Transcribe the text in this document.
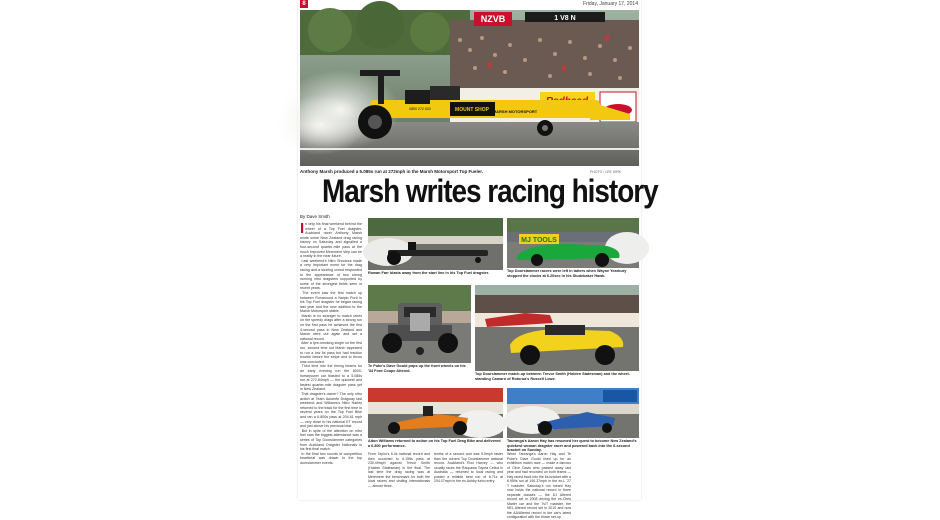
8	Friday, January 17, 2014
NZVB	1 V8 N
MOUNT SHOP
0800 272 633	MARSH MOTORSPORT
Anthony Marsh produced a 5.085s run at 272mph in the Marsh Motorsport Top Fueler.	PHOTO / LEE KIRK
Marsh writes racing history
By Dave Smith
I n only his final weekend behind the wheel of a Top Fuel dragster, Auckland racer Anthony Marsh wrote some New Zealand drag racing history on Saturday and signalled a four-second quarter-mile pass at the much improved Meremere strip can be a reality in the near future.
Last weekend's Nitro Shootout made a very important event for the drag racing and a sizzling crowd responded to the appearance of two strong running nitro dragsters supported by some of the strongest fields seen in recent years.
The event saw the first match up between Runaround a Naipio Porti in his Top Fuel dragster he began racing last year and the new addition to the Marsh Motorsport stable.
Marsh is no stranger to match races on the speedy drags after a strong run on the first pass he achieved the first 4-second pass in New Zealand and Marsh went out again and set a national record.
After a tyre-smoking single on the first run, second time out Marsh appeared to run a low 5s pass but had traction trouble before the stripe and to throw was concluded.
Third time into the timing beams for an early evening run the 8000-horsepower car blasted to a 5.085s run at 272.84mph — the quickest and fastest quarter-mile dragster pass yet in New Zealand.
That dragster's owner? The only nitro action at Team Autoinfo Dragway last weekend and Williams's Nitro Harley returned to the track for the first time in several years on the Top Fuel Bike and ran a 6.800s pass at 204.81 mph — very close to his national ET record and just above his previous best.
But in spite of the attention on nitro fuel cars the biggest attendance was a series of Top Doorslammer categories from Auckland Dragster Nationals in his first final match.
In the final two rounds of competition heartbeat was drawn to the top doorslammer events.
Rowan Farr blasts away from the start line in his Top Fuel dragster.
MJ TOOLS
Top Doorslammer racers were left in tatters when Wayne Yearbury stopped the clocks at 6.20sec in his Studebaker Hawk.
Te Puke's Dave Gould pops up the front wheels on his '34 Ford Coupe Altered.
Top Doorslammer match-up between Trevor Smith (Holden Statesman) and the wheel-standing Camaro of Rotorua's Russell Lowe.
Aiton Williams returned to action on his Top Fuel Drag Bike and delivered a 6.800 performance.
Tauranga's Aaron Hay has resumed her quest to become New Zealand's quickest woman dragster racer and powered back into the 6-second bracket on Sunday.
From Taylor's 6.4s national record and then scorched to 6.155s pass at 230.49mph against Trevor Smith (Holden Statesman) in the final. The last time the drag racing was at Meremere the benchmark for both the local racers and visiting internationals — almost three.
tenths of a second and was 5.5mph faster than the current Top Doorslammer national record. Auckland's Rod Harvey — who usually races the Raupawa Toyota Celica in Australia — returned to local racing and posted a reliable best run of 6.71s at 204.07mph in the ex-Ashby turbo entry.
When Tauranga's Aaron Hay and Te Puke's Dave Gould lined up for an exhibition match race — made a famous of Clive Davis who passed away last year and had recorded on both teams — Hay raced back into the 6s bracket with a 6.959s run at 190.37mph in the ex-L '27 T roadster. Saturday's run meant Hay now holds the national record in three separate classes — the DJ Altered record set in 2008 driving the ex-Chris Marler car and the 7s/T roadster, the NEL Altered record set in 2010 and now the AA/Altered record in the car's latest configuration with the blown set-up.
